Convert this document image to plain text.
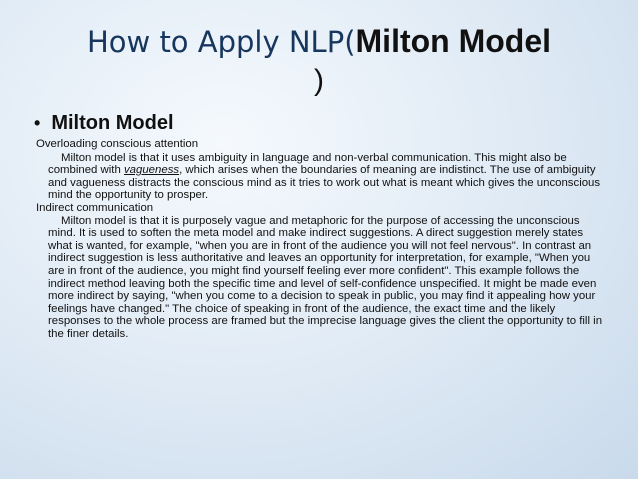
How to Apply NLP(Milton Model
)
• Milton Model

Overloading conscious attention

Milton model is that it uses ambiguity in language and non-verbal communication. This might also be combined with vagueness, which arises when the boundaries of meaning are indistinct. The use of ambiguity and vagueness distracts the conscious mind as it tries to work out what is meant which gives the unconscious mind the opportunity to prosper.

Indirect communication

Milton model is that it is purposely vague and metaphoric for the purpose of accessing the unconscious mind. It is used to soften the meta model and make indirect suggestions. A direct suggestion merely states what is wanted, for example, "when you are in front of the audience you will not feel nervous". In contrast an indirect suggestion is less authoritative and leaves an opportunity for interpretation, for example, "When you are in front of the audience, you might find yourself feeling ever more confident". This example follows the indirect method leaving both the specific time and level of self-confidence unspecified. It might be made even more indirect by saying, "when you come to a decision to speak in public, you may find it appealing how your feelings have changed." The choice of speaking in front of the audience, the exact time and the likely responses to the whole process are framed but the imprecise language gives the client the opportunity to fill in the finer details.
